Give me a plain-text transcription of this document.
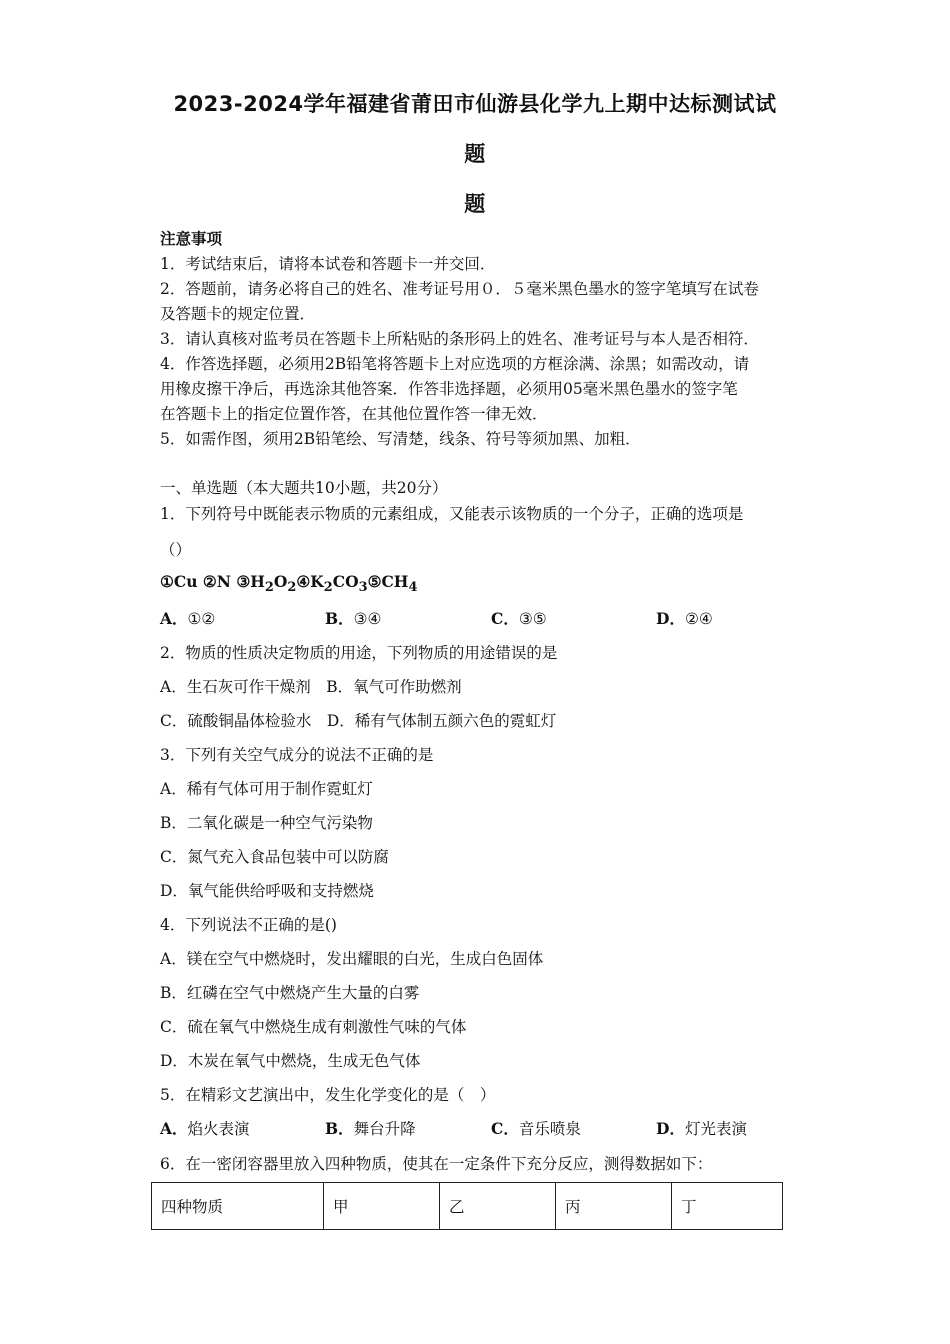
2023-2024学年福建省莆田市仙游县化学九上期中达标测试试
题
题
注意事项
1．考试结束后，请将本试卷和答题卡一并交回．
2．答题前，请务必将自己的姓名、准考证号用０．５毫米黑色墨水的签字笔填写在试卷
及答题卡的规定位置．
3．请认真核对监考员在答题卡上所粘贴的条形码上的姓名、准考证号与本人是否相符．
4．作答选择题，必须用2B铅笔将答题卡上对应选项的方框涂满、涂黑；如需改动，请
用橡皮擦干净后，再选涂其他答案．作答非选择题，必须用05毫米黑色墨水的签字笔
在答题卡上的指定位置作答，在其他位置作答一律无效．
5．如需作图，须用2B铅笔绘、写清楚，线条、符号等须加黑、加粗．
一、单选题（本大题共10小题，共20分）
1．下列符号中既能表示物质的元素组成，又能表示该物质的一个分子，正确的选项是
（）
①Cu ②N $③H_2O_2④K_2CO_3⑤CH_4$
A．①②	B．③④	C．③⑤	D．②④
2．物质的性质决定物质的用途，下列物质的用途错误的是
A．生石灰可作干燥剂　B．氧气可作助燃剂
C．硫酸铜晶体检验水　D．稀有气体制五颜六色的霓虹灯
3．下列有关空气成分的说法不正确的是
A．稀有气体可用于制作霓虹灯
B．二氧化碳是一种空气污染物
C．氮气充入食品包装中可以防腐
D．氧气能供给呼吸和支持燃烧
4．下列说法不正确的是()
A．镁在空气中燃烧时，发出耀眼的白光，生成白色固体
B．红磷在空气中燃烧产生大量的白雾
C．硫在氧气中燃烧生成有刺激性气味的气体
D．木炭在氧气中燃烧，生成无色气体
5．在精彩文艺演出中，发生化学变化的是（　）
A．焰火表演	B．舞台升降	C．音乐喷泉	D．灯光表演
6．在一密闭容器里放入四种物质，使其在一定条件下充分反应，测得数据如下：
四种物质	甲	乙	丙	丁
